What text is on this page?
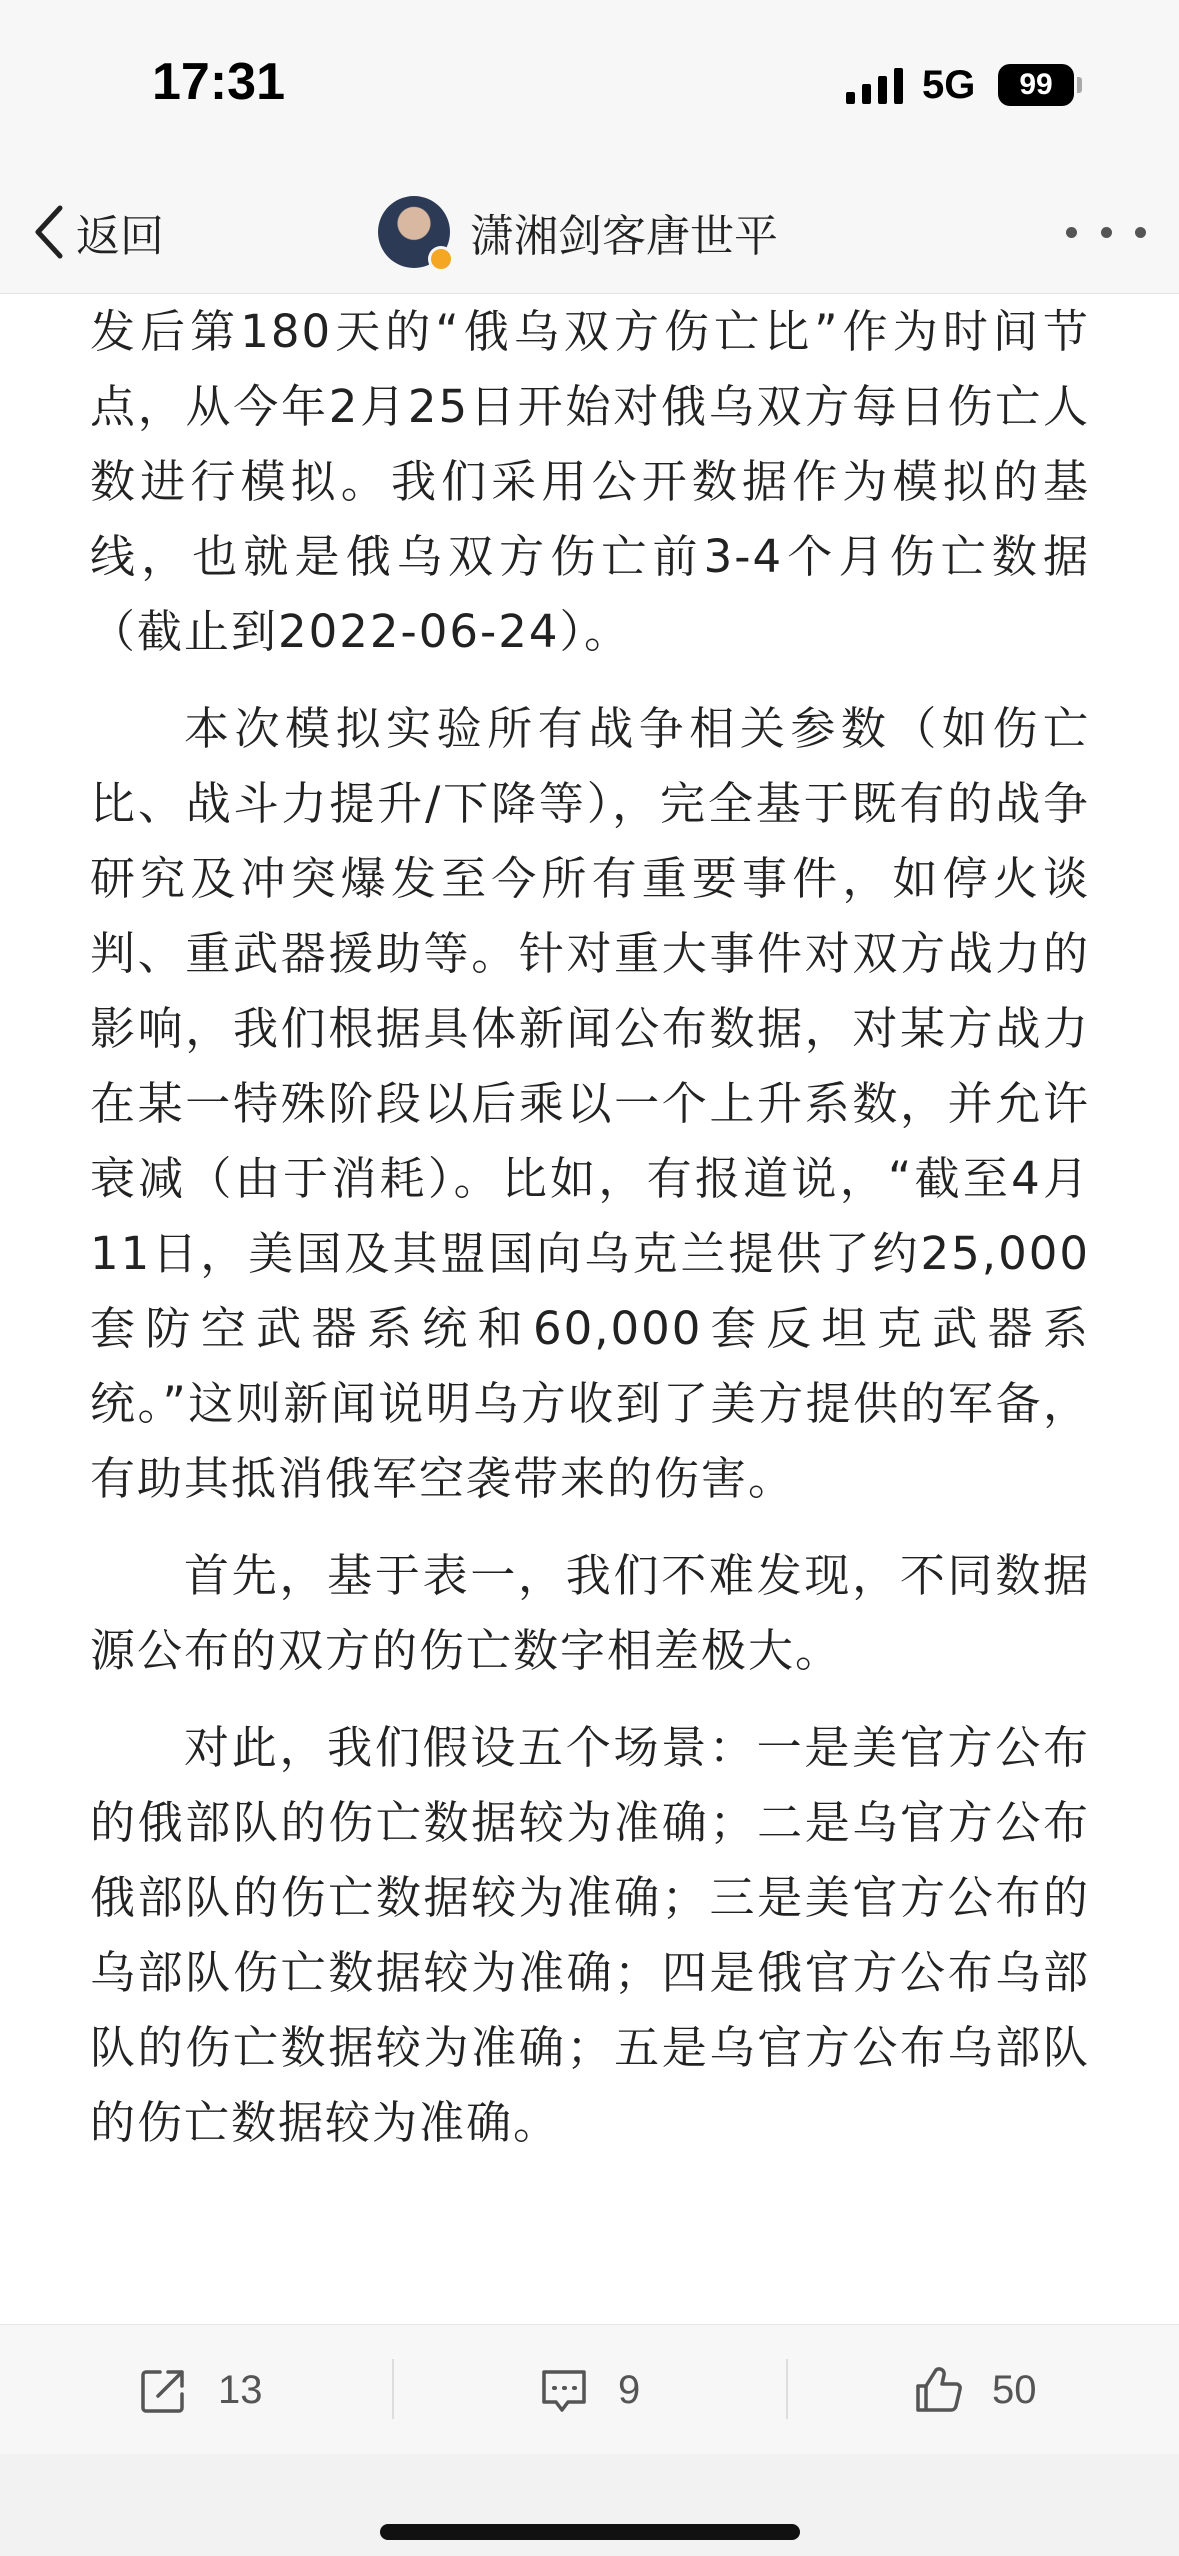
17:31	5G	99
返回	潇湘剑客唐世平

发后第180天的“俄乌双方伤亡比”作为时间节点，从今年2月25日开始对俄乌双方每日伤亡人数进行模拟。我们采用公开数据作为模拟的基线，也就是俄乌双方伤亡前3-4个月伤亡数据（截止到2022-06-24）。

本次模拟实验所有战争相关参数（如伤亡比、战斗力提升/下降等），完全基于既有的战争研究及冲突爆发至今所有重要事件，如停火谈判、重武器援助等。针对重大事件对双方战力的影响，我们根据具体新闻公布数据，对某方战力在某一特殊阶段以后乘以一个上升系数，并允许衰减（由于消耗）。比如，有报道说，“截至4月11日，美国及其盟国向乌克兰提供了约25,000套防空武器系统和60,000套反坦克武器系统。”这则新闻说明乌方收到了美方提供的军备，有助其抵消俄军空袭带来的伤害。

首先，基于表一，我们不难发现，不同数据源公布的双方的伤亡数字相差极大。

对此，我们假设五个场景：一是美官方公布的俄部队的伤亡数据较为准确；二是乌官方公布俄部队的伤亡数据较为准确；三是美官方公布的乌部队伤亡数据较为准确；四是俄官方公布乌部队的伤亡数据较为准确；五是乌官方公布乌部队的伤亡数据较为准确。

13	9	50
